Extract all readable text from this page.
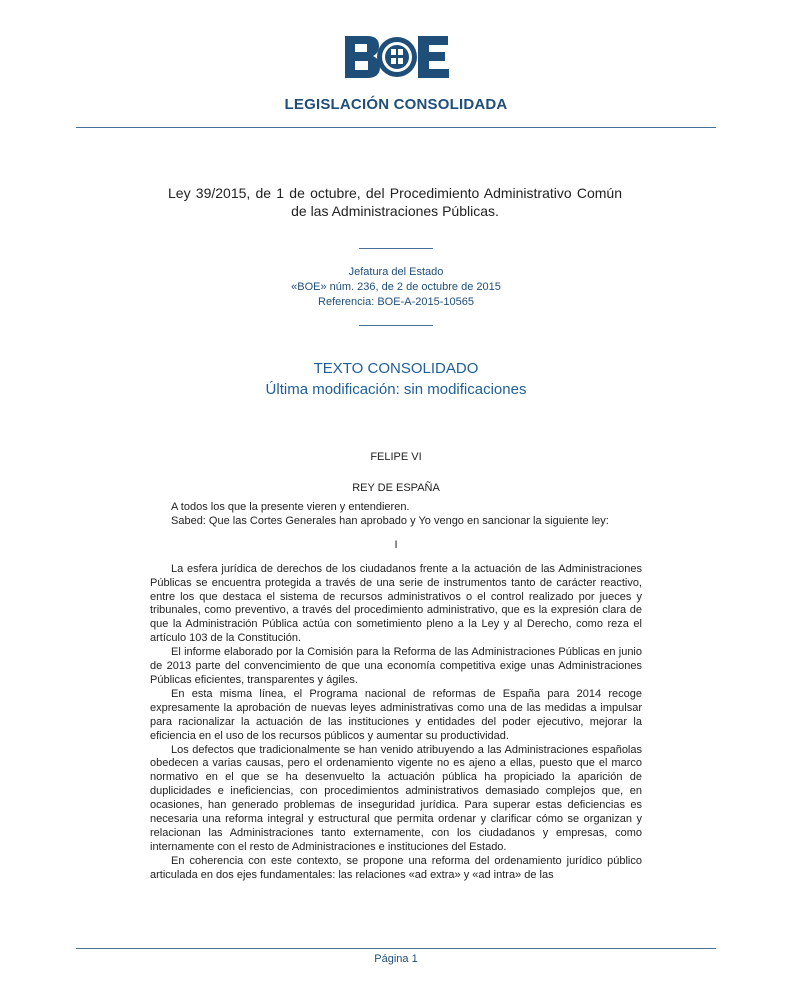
LEGISLACIÓN CONSOLIDADA
Ley 39/2015, de 1 de octubre, del Procedimiento Administrativo Común de las Administraciones Públicas.
Jefatura del Estado
«BOE» núm. 236, de 2 de octubre de 2015
Referencia: BOE-A-2015-10565
TEXTO CONSOLIDADO
Última modificación: sin modificaciones
FELIPE VI
REY DE ESPAÑA

A todos los que la presente vieren y entendieren.

Sabed: Que las Cortes Generales han aprobado y Yo vengo en sancionar la siguiente ley:

I

La esfera jurídica de derechos de los ciudadanos frente a la actuación de las Administraciones Públicas se encuentra protegida a través de una serie de instrumentos tanto de carácter reactivo, entre los que destaca el sistema de recursos administrativos o el control realizado por jueces y tribunales, como preventivo, a través del procedimiento administrativo, que es la expresión clara de que la Administración Pública actúa con sometimiento pleno a la Ley y al Derecho, como reza el artículo 103 de la Constitución.

El informe elaborado por la Comisión para la Reforma de las Administraciones Públicas en junio de 2013 parte del convencimiento de que una economía competitiva exige unas Administraciones Públicas eficientes, transparentes y ágiles.

En esta misma línea, el Programa nacional de reformas de España para 2014 recoge expresamente la aprobación de nuevas leyes administrativas como una de las medidas a impulsar para racionalizar la actuación de las instituciones y entidades del poder ejecutivo, mejorar la eficiencia en el uso de los recursos públicos y aumentar su productividad.

Los defectos que tradicionalmente se han venido atribuyendo a las Administraciones españolas obedecen a varias causas, pero el ordenamiento vigente no es ajeno a ellas, puesto que el marco normativo en el que se ha desenvuelto la actuación pública ha propiciado la aparición de duplicidades e ineficiencias, con procedimientos administrativos demasiado complejos que, en ocasiones, han generado problemas de inseguridad jurídica. Para superar estas deficiencias es necesaria una reforma integral y estructural que permita ordenar y clarificar cómo se organizan y relacionan las Administraciones tanto externamente, con los ciudadanos y empresas, como internamente con el resto de Administraciones e instituciones del Estado.

En coherencia con este contexto, se propone una reforma del ordenamiento jurídico público articulada en dos ejes fundamentales: las relaciones «ad extra» y «ad intra» de las

Página 1
